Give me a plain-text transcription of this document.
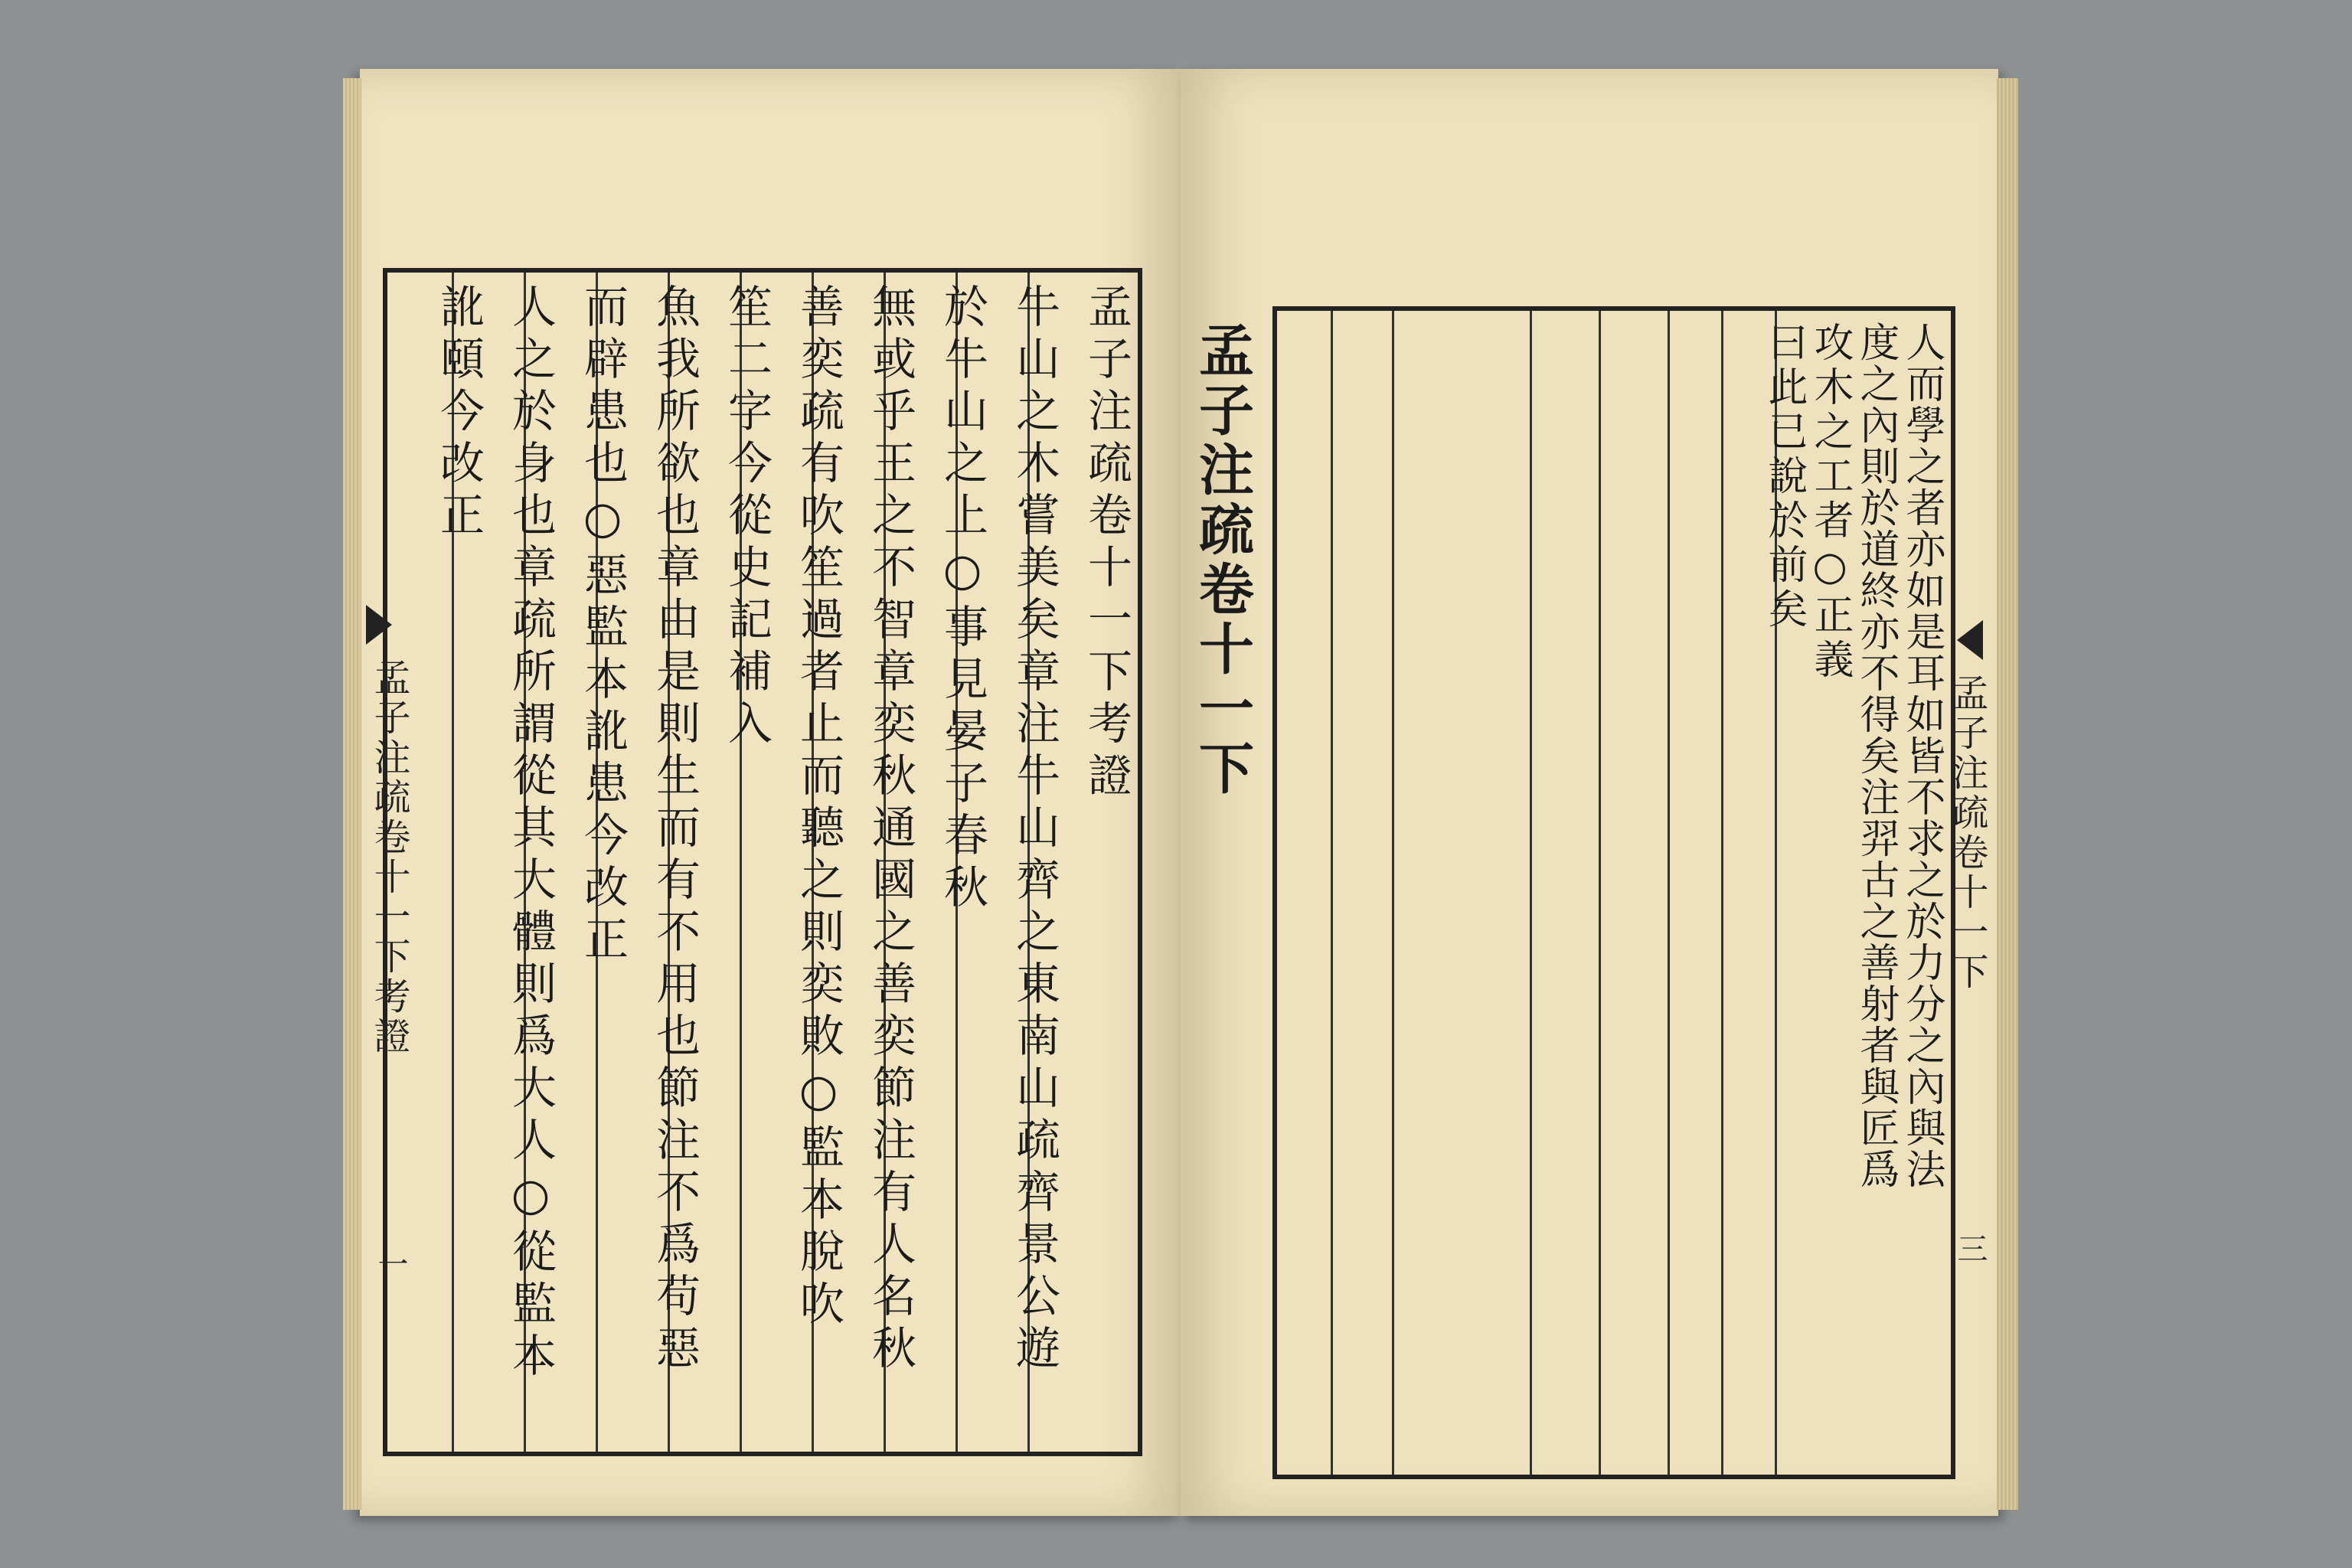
孟子注疏卷十一下考證
一

孟子注疏卷十一下考證
牛山之木嘗美矣章注牛山齊之東南山疏齊景公遊
於牛山之上○事見晏子春秋
無或乎王之不智章奕秋通國之善奕節注有人名秋
善奕疏有吹笙過者止而聽之則奕敗○監本脫吹
笙二字今從史記補入
魚我所欲也章由是則生而有不用也節注不爲苟惡
而辟患也○惡監本訛患今改正
人之於身也章疏所謂從其大體則爲大人○從監本
訛頤今改正
孟子注疏卷十一下
三
孟子注疏卷十一下
　　　　　　	人而學之者亦如是耳如皆不求之於力分之內與法
度之內則於道終亦不得矣注羿古之善射者與匠爲
攻木之工者○正義
曰此已說於前矣
